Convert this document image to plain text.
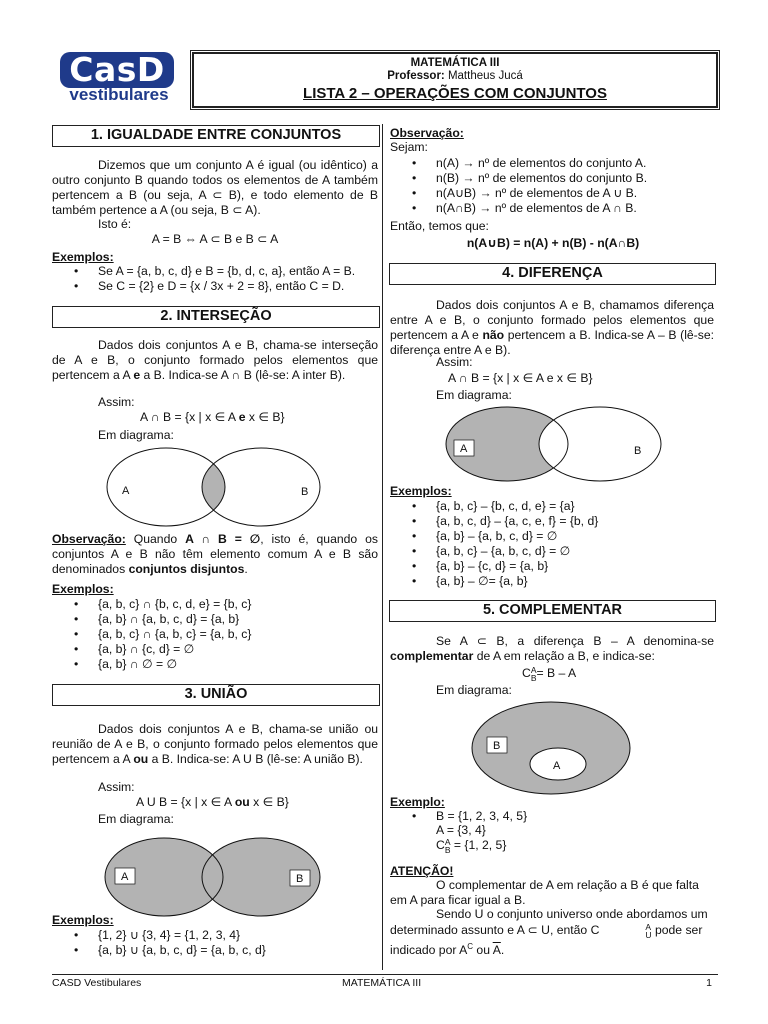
CasD
vestibulares
MATEMÁTICA III
Professor: Mattheus Jucá
LISTA 2 – OPERAÇÕES COM CONJUNTOS
1. IGUALDADE ENTRE CONJUNTOS
Dizemos que um conjunto A é igual (ou idêntico) a outro conjunto B quando todos os elementos de A também pertencem a B (ou seja, A ⊂ B), e todo elemento de B também pertence a A (ou seja, B ⊂ A).
Isto é:
A = B ⇔ A ⊂ B e B ⊂ A
Exemplos:
• Se A = {a, b, c, d} e B = {b, d, c, a}, então A = B.
• Se C = {2} e D = {x / 3x + 2 = 8}, então C = D.
2. INTERSEÇÃO
Dados dois conjuntos A e B, chama-se interseção de A e B, o conjunto formado pelos elementos que pertencem a A e a B. Indica-se A ∩ B (lê-se: A inter B).
Assim:
A ∩ B = {x | x ∈ A e x ∈ B}
Em diagrama:
A	B
Observação: Quando A ∩ B = ∅, isto é, quando os conjuntos A e B não têm elemento comum A e B são denominados conjuntos disjuntos.
Exemplos:
• {a, b, c} ∩ {b, c, d, e} = {b, c}
• {a, b} ∩ {a, b, c, d} = {a, b}
• {a, b, c} ∩ {a, b, c} = {a, b, c}
• {a, b} ∩ {c, d} = ∅
• {a, b} ∩ ∅ = ∅
3. UNIÃO
Dados dois conjuntos A e B, chama-se união ou reunião de A e B, o conjunto formado pelos elementos que pertencem a A ou a B. Indica-se: A U B (lê-se: A união B).
Assim:
A U B = {x | x ∈ A ou x ∈ B}
Em diagrama:
A	B
Exemplos:
• {1, 2} ∪ {3, 4} = {1, 2, 3, 4}
• {a, b} ∪ {a, b, c, d} = {a, b, c, d}
Observação:
Sejam:
• n(A) → nº de elementos do conjunto A.
• n(B) → nº de elementos do conjunto B.
• n(A∪B) → nº de elementos de A ∪ B.
• n(A∩B) → nº de elementos de A ∩ B.
Então, temos que:
n(A∪B) = n(A) + n(B) - n(A∩B)
4. DIFERENÇA
Dados dois conjuntos A e B, chamamos diferença entre A e B, o conjunto formado pelos elementos que pertencem a A e não pertencem a B. Indica-se A – B (lê-se: diferença entre A e B).
Assim:
A ∩ B = {x | x ∈ A e x ∈ B}
Em diagrama:
A	B
Exemplos:
• {a, b, c} – {b, c, d, e} = {a}
• {a, b, c, d} – {a, c, e, f} = {b, d}
• {a, b} – {a, b, c, d} = ∅
• {a, b, c} – {a, b, c, d} = ∅
• {a, b} – {c, d} = {a, b}
• {a, b} – ∅= {a, b}
5. COMPLEMENTAR
Se A ⊂ B, a diferença B – A denomina-se complementar de A em relação a B, e indica-se:
C A
B = B – A
Em diagrama:
B
A
Exemplo:
• B = {1, 2, 3, 4, 5}
A = {3, 4}
C A
B = {1, 2, 5}
ATENÇÃO!
O complementar de A em relação a B é que falta em A para ficar igual a B.
Sendo U o conjunto universo onde abordamos um determinado assunto e A ⊂ U, então C	A
U pode ser indicado por $A^C$ ou $\overline{A}$.
CASD Vestibulares	MATEMÁTICA III	1
